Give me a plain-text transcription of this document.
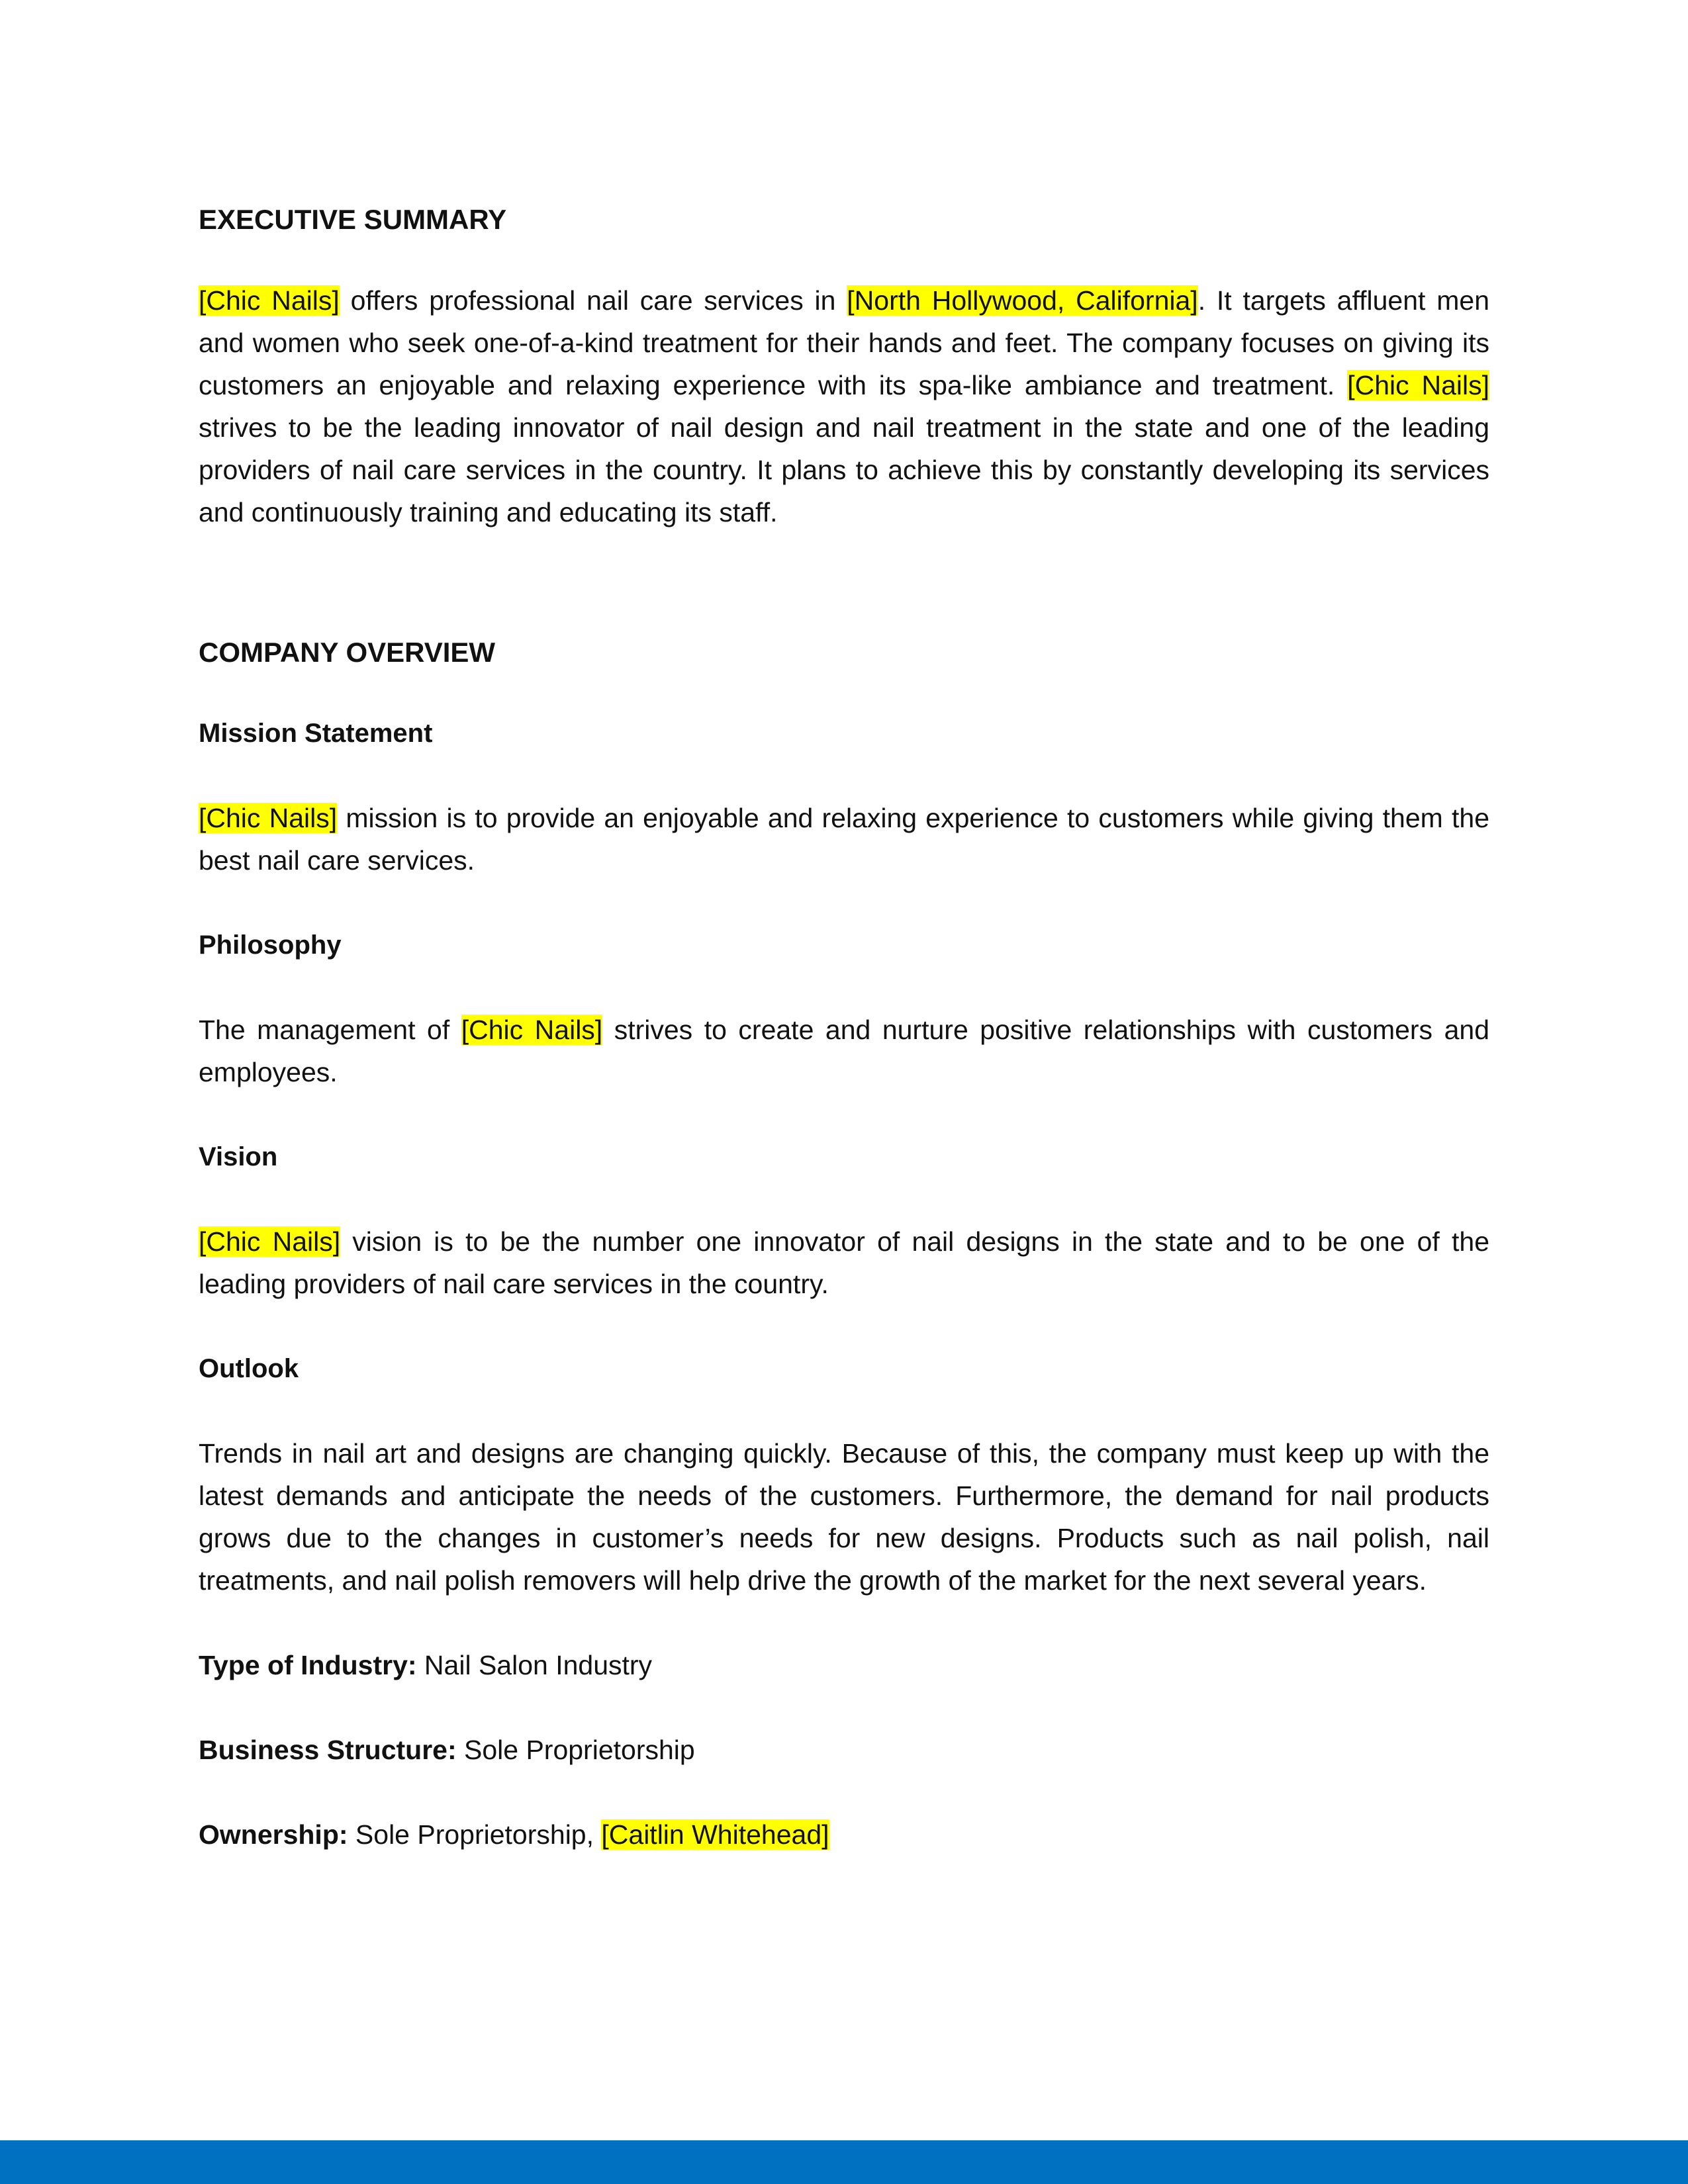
EXECUTIVE SUMMARY

[Chic Nails] offers professional nail care services in [North Hollywood, California]. It targets affluent men and women who seek one-of-a-kind treatment for their hands and feet. The company focuses on giving its customers an enjoyable and relaxing experience with its spa-like ambiance and treatment. [Chic Nails] strives to be the leading innovator of nail design and nail treatment in the state and one of the leading providers of nail care services in the country. It plans to achieve this by constantly developing its services and continuously training and educating its staff.

COMPANY OVERVIEW
Mission Statement

[Chic Nails] mission is to provide an enjoyable and relaxing experience to customers while giving them the best nail care services.

Philosophy

The management of [Chic Nails] strives to create and nurture positive relationships with customers and employees.

Vision

[Chic Nails] vision is to be the number one innovator of nail designs in the state and to be one of the leading providers of nail care services in the country.

Outlook

Trends in nail art and designs are changing quickly. Because of this, the company must keep up with the latest demands and anticipate the needs of the customers. Furthermore, the demand for nail products grows due to the changes in customer’s needs for new designs. Products such as nail polish, nail treatments, and nail polish removers will help drive the growth of the market for the next several years.

Type of Industry: Nail Salon Industry
Business Structure: Sole Proprietorship
Ownership: Sole Proprietorship, [Caitlin Whitehead]
